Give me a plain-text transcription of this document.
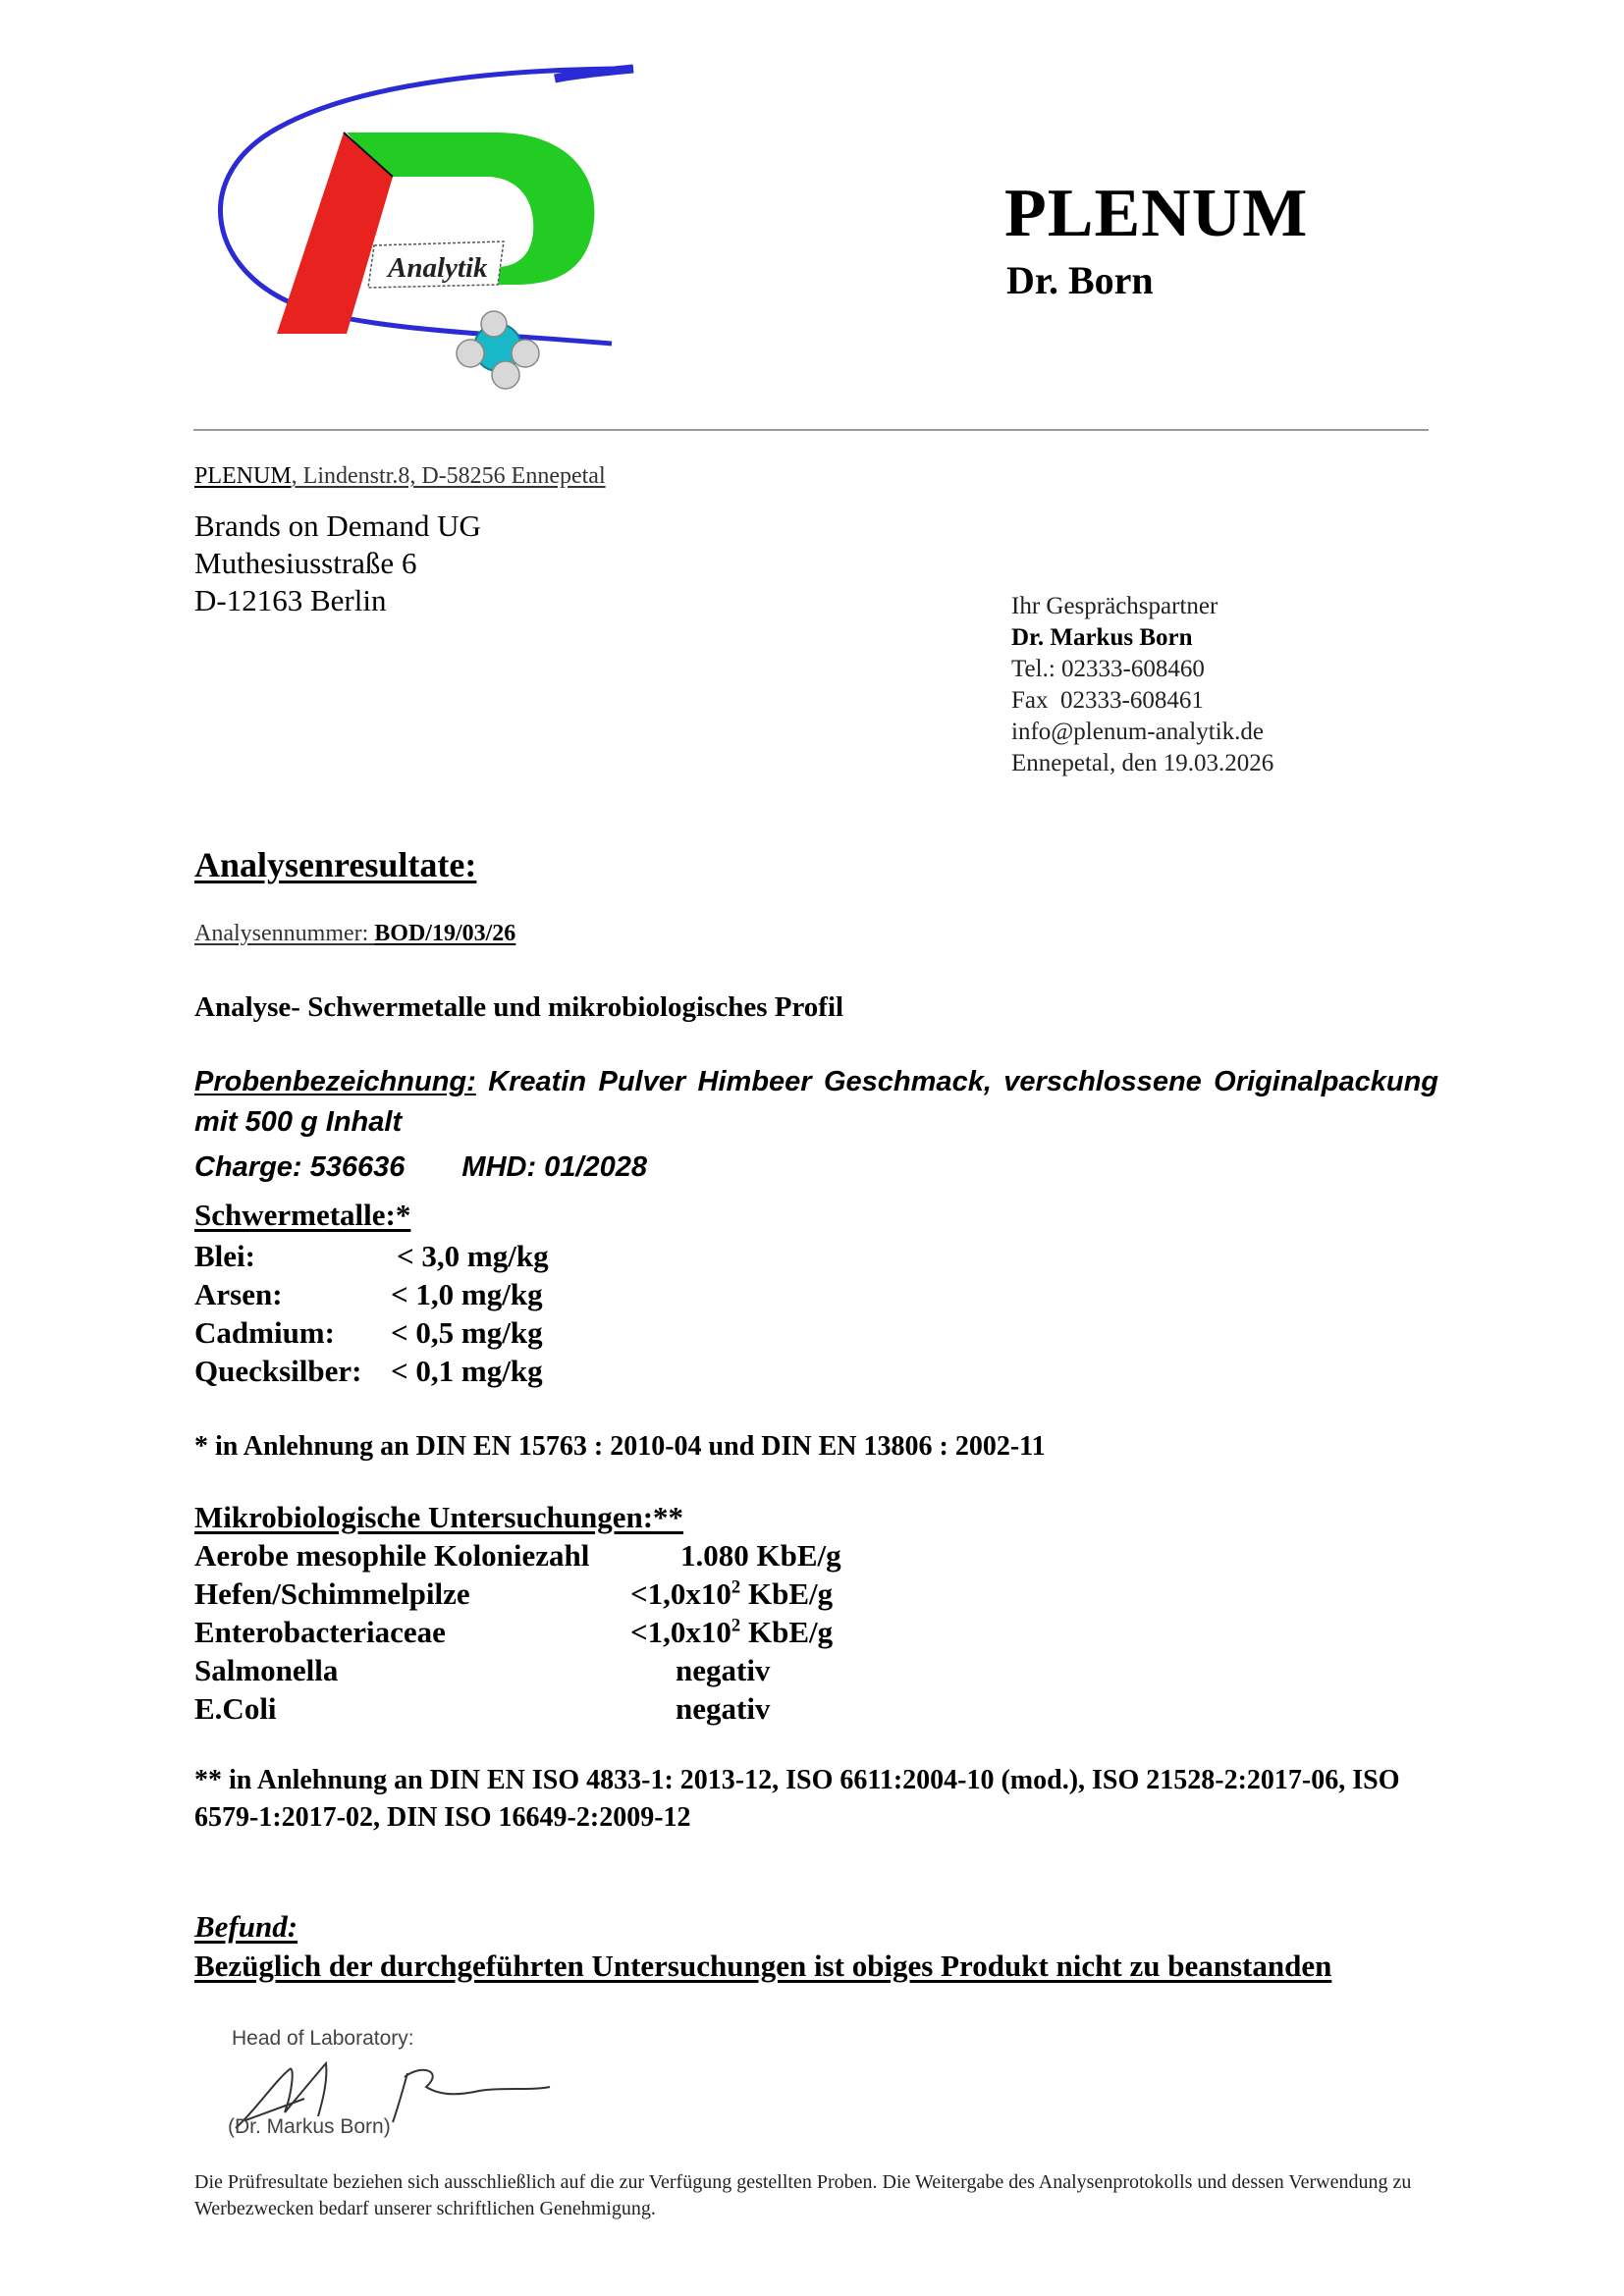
Analytik
PLENUM
Dr. Born
PLENUM, Lindenstr.8, D-58256 Ennepetal
Brands on Demand UG
Muthesiusstraße 6
D-12163 Berlin	Ihr Gesprächspartner
Dr. Markus Born
Tel.: 02333-608460
Fax  02333-608461
info@plenum-analytik.de
Ennepetal, den 19.03.2026
Analysenresultate:
Analysennummer: BOD/19/03/26
Analyse- Schwermetalle und mikrobiologisches Profil
Probenbezeichnung: Kreatin Pulver Himbeer Geschmack, verschlossene Originalpackung mit 500 g Inhalt
Charge: 536636 MHD: 01/2028
Schwermetalle:*
Blei:	< 3,0 mg/kg
Arsen:	< 1,0 mg/kg
Cadmium: < 0,5 mg/kg
Quecksilber: < 0,1 mg/kg
* in Anlehnung an DIN EN 15763 : 2010-04 und DIN EN 13806 : 2002-11
Mikrobiologische Untersuchungen:**
Aerobe mesophile Koloniezahl	1.080 KbE/g
Hefen/Schimmelpilze	$<1,0x10^2$ KbE/g
Enterobacteriaceae	$<1,0x10^2$ KbE/g
Salmonella	negativ
E.Coli	negativ
** in Anlehnung an DIN EN ISO 4833-1: 2013-12, ISO 6611:2004-10 (mod.), ISO 21528-2:2017-06, ISO 6579-1:2017-02, DIN ISO 16649-2:2009-12
Befund:
Bezüglich der durchgeführten Untersuchungen ist obiges Produkt nicht zu beanstanden
Head of Laboratory:
(Dr. Markus Born)
Die Prüfresultate beziehen sich ausschließlich auf die zur Verfügung gestellten Proben. Die Weitergabe des Analysenprotokolls und dessen Verwendung zu Werbezwecken bedarf unserer schriftlichen Genehmigung.
